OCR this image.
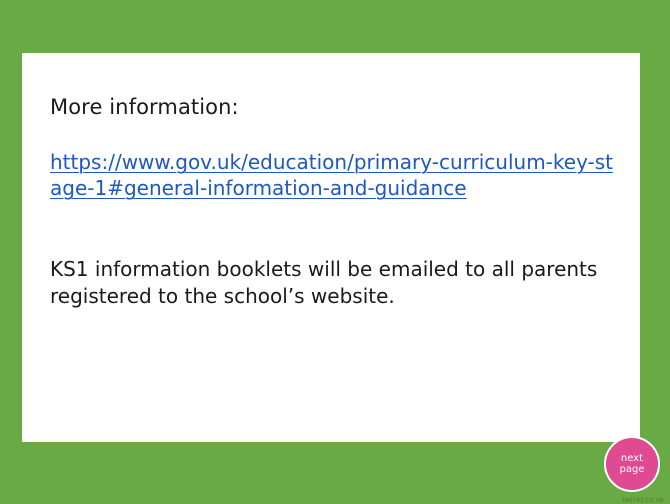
More information:
https://www.gov.uk/education/primary-curriculum-key-stage-1#general-information-and-guidance
KS1 information booklets will be emailed to all parents registered to the school’s website.
next page
twinkl.co.uk
